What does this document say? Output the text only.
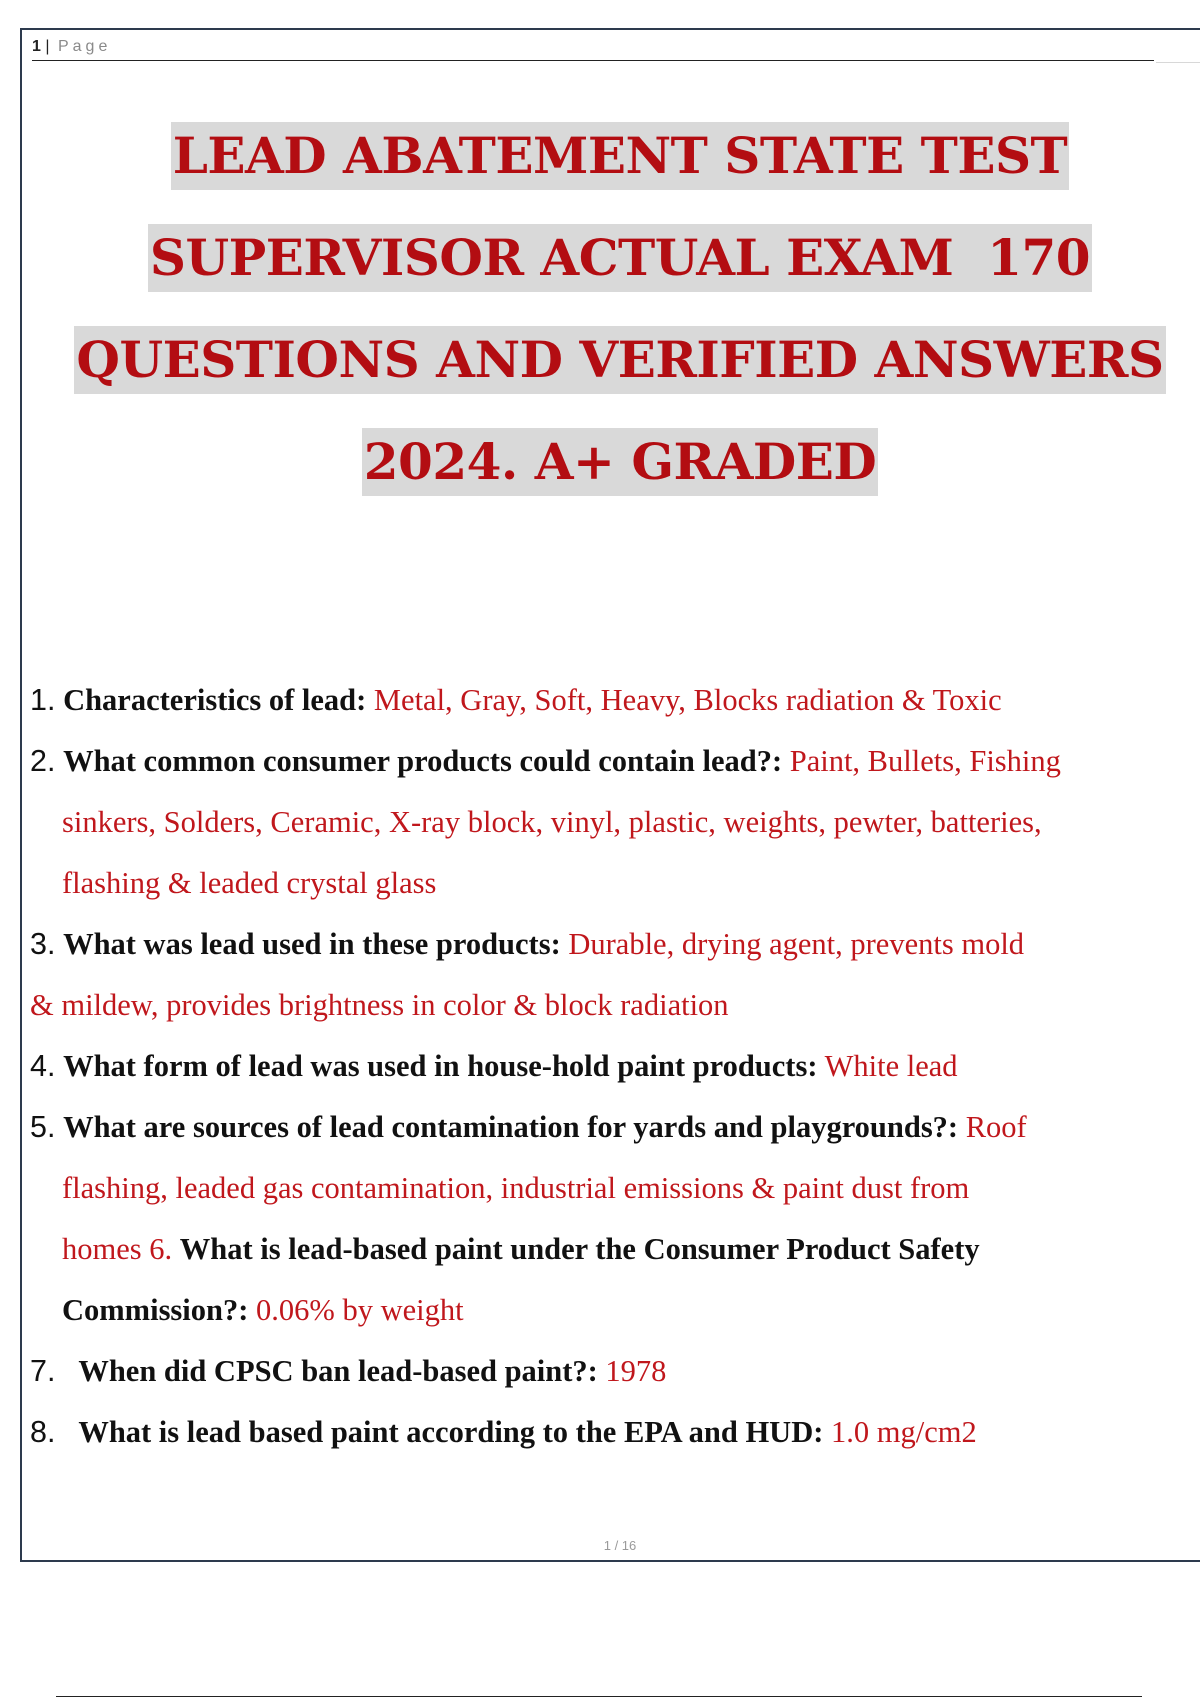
1 | Page
LEAD ABATEMENT STATE TEST
SUPERVISOR ACTUAL EXAM  170
QUESTIONS AND VERIFIED ANSWERS
2024. A+ GRADED
1. Characteristics of lead: Metal, Gray, Soft, Heavy, Blocks radiation & Toxic
2. What common consumer products could contain lead?: Paint, Bullets, Fishing
sinkers, Solders, Ceramic, X-ray block, vinyl, plastic, weights, pewter, batteries,
flashing & leaded crystal glass
3. What was lead used in these products: Durable, drying agent, prevents mold
& mildew, provides brightness in color & block radiation
4. What form of lead was used in house-hold paint products: White lead
5. What are sources of lead contamination for yards and playgrounds?: Roof
flashing, leaded gas contamination, industrial emissions & paint dust from
homes 6. What is lead-based paint under the Consumer Product Safety
Commission?: 0.06% by weight
7. When did CPSC ban lead-based paint?: 1978
8. What is lead based paint according to the EPA and HUD: 1.0 mg/cm2
1 / 16
